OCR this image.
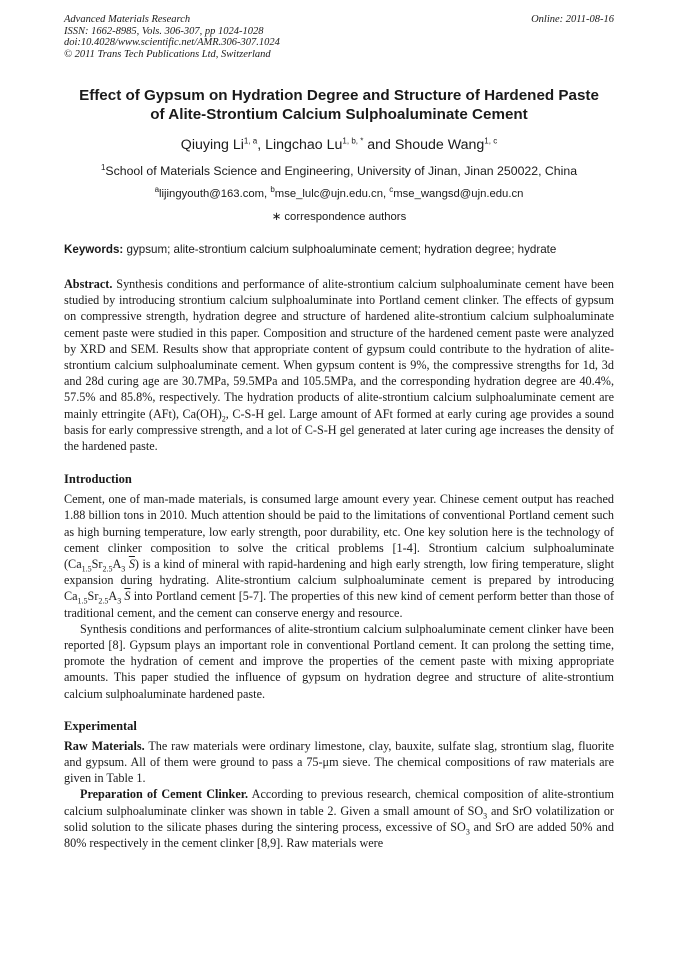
Advanced Materials Research
ISSN: 1662-8985, Vols. 306-307, pp 1024-1028
doi:10.4028/www.scientific.net/AMR.306-307.1024
© 2011 Trans Tech Publications Ltd, Switzerland
Online: 2011-08-16
Effect of Gypsum on Hydration Degree and Structure of Hardened Paste
of Alite-Strontium Calcium Sulphoaluminate Cement
Qiuying Li$^{1, a}$, Lingchao $Lu^{1, b, *}$ and Shoude Wang$^{1, c}$
$^1$School of Materials Science and Engineering, University of Jinan, Jinan 250022, China
$^a$lijingyouth@163.com, $^b$mse_lulc@ujn.edu.cn, $^c$mse_wangsd@ujn.edu.cn
∗ correspondence authors
Keywords: gypsum; alite-strontium calcium sulphoaluminate cement; hydration degree; hydrate

Abstract. Synthesis conditions and performance of alite-strontium calcium sulphoaluminate cement have been studied by introducing strontium calcium sulphoaluminate into Portland cement clinker. The effects of gypsum on compressive strength, hydration degree and structure of hardened alite-strontium calcium sulphoaluminate cement paste were studied in this paper. Composition and structure of the hardened cement paste were analyzed by XRD and SEM. Results show that appropriate content of gypsum could contribute to the hydration of alite-strontium calcium sulphoaluminate cement. When gypsum content is 9%, the compressive strengths for 1d, 3d and 28d curing age are 30.7MPa, 59.5MPa and 105.5MPa, and the corresponding hydration degree are 40.4%, 57.5% and 85.8%, respectively. The hydration products of alite-strontium calcium sulphoaluminate cement are mainly ettringite (AFt), $Ca(OH)_2$, C-S-H gel. Large amount of AFt formed at early curing age provides a sound basis for early compressive strength, and a lot of C-S-H gel generated at later curing age increases the density of the hardened paste.

Introduction

Cement, one of man-made materials, is consumed large amount every year. Chinese cement output has reached 1.88 billion tons in 2010. Much attention should be paid to the limitations of conventional Portland cement such as high burning temperature, low early strength, poor durability, etc. One key solution here is the technology of cement clinker composition to solve the critical problems [1-4]. Strontium calcium sulphoaluminate ($Ca_{1.5}Sr_{2.5}A_3$ $\overline{S}$) is a kind of mineral with rapid-hardening and high early strength, low firing temperature, slight expansion during hydrating. Alite-strontium calcium sulphoaluminate cement is prepared by introducing $Ca_{1.5}Sr_{2.5}A_3$ $\overline{S}$ into Portland cement [5-7]. The properties of this new kind of cement perform better than those of traditional cement, and the cement can conserve energy and resource.

Synthesis conditions and performances of alite-strontium calcium sulphoaluminate cement clinker have been reported [8]. Gypsum plays an important role in conventional Portland cement. It can prolong the setting time, promote the hydration of cement and improve the properties of the cement paste with mixing appropriate amounts. This paper studied the influence of gypsum on hydration degree and structure of alite-strontium calcium sulphoaluminate hardened paste.

Experimental

Raw Materials. The raw materials were ordinary limestone, clay, bauxite, sulfate slag, strontium slag, fluorite and gypsum. All of them were ground to pass a 75-μm sieve. The chemical compositions of raw materials are given in Table 1.

Preparation of Cement Clinker. According to previous research, chemical composition of alite-strontium calcium sulphoaluminate clinker was shown in table 2. Given a small amount of $SO_3$ and SrO volatilization or solid solution to the silicate phases during the sintering process, excessive of $SO_3$ and SrO are added 50% and 80% respectively in the cement clinker [8,9]. Raw materials were
